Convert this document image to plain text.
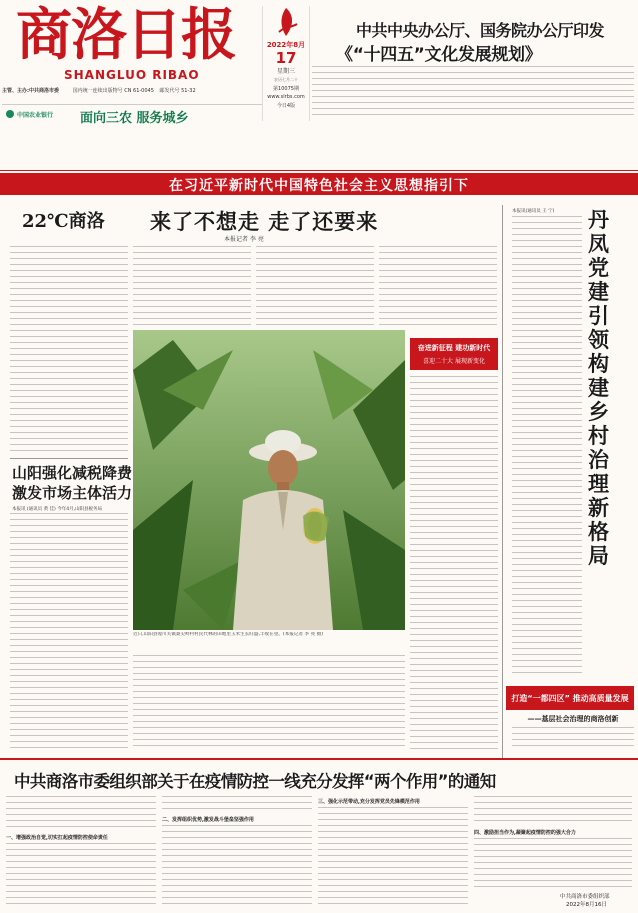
商洛日报
SHANGLUO RIBAO
主管、主办:中共商洛市委	国内统一连续出版物号 CN 61-0045 邮发代号 51-32
中国农业银行 面向三农 服务城乡
2022年8月
17
星期三
农历七月二十
第10075期
www.slrbs.com
今日4版
中共中央办公厅、国务院办公厅印发
《“十四五”文化发展规划》
在习近平新时代中国特色社会主义思想指引下
22℃商洛 来了不想走 走了还要来
本报记者 李 亮
奋进新征程 建功新时代
喜迎二十大 展现新变化
山阳强化减税降费
激发市场主体活力
本报讯 (通讯员 黄 佳) 今年4月,山阳县税务局
近日,山阳县漫川关镇桑尖岭村村民代林的田地里玉米生长旺盛,丰收在望。(本报记者 李 亮 摄)
本报讯(通讯员 王 宁) 丹凤党建引领构建乡村治理新格局
打造“一都四区” 推动高质量发展
——基层社会治理的商洛创新
中共商洛市委组织部关于在疫情防控一线充分发挥“两个作用”的通知
一、增强政治自觉,切实扛起疫情防控使命责任
二、发挥组织优势,激发战斗堡垒坚强作用
三、强化示范带动,充分发挥党员先锋模范作用
四、激励担当作为,凝聚起疫情防控的强大合力
中共商洛市委组织部
2022年8月16日
